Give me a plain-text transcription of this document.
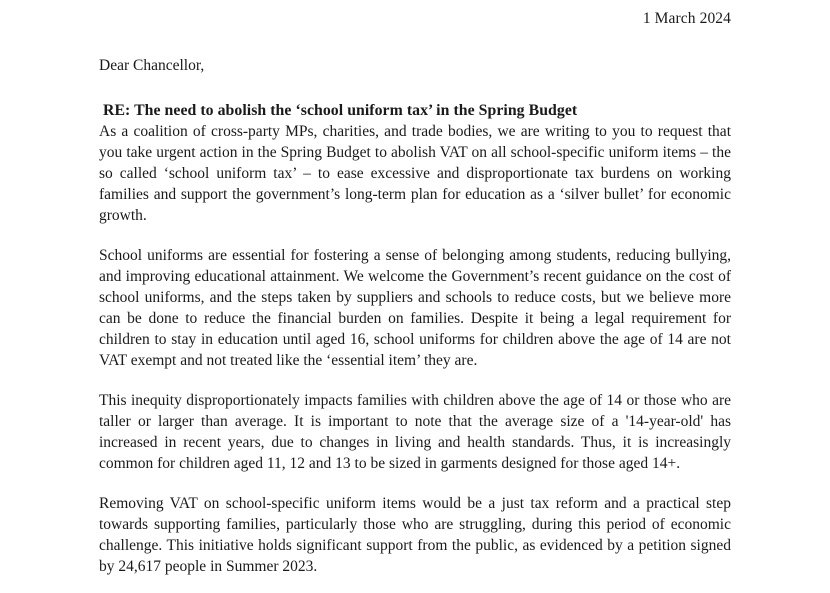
1 March 2024
Dear Chancellor,
RE: The need to abolish the ‘school uniform tax’ in the Spring Budget

As a coalition of cross-party MPs, charities, and trade bodies, we are writing to you to request that you take urgent action in the Spring Budget to abolish VAT on all school-specific uniform items – the so called ‘school uniform tax’ – to ease excessive and disproportionate tax burdens on working families and support the government’s long-term plan for education as a ‘silver bullet’ for economic growth.

School uniforms are essential for fostering a sense of belonging among students, reducing bullying, and improving educational attainment. We welcome the Government’s recent guidance on the cost of school uniforms, and the steps taken by suppliers and schools to reduce costs, but we believe more can be done to reduce the financial burden on families. Despite it being a legal requirement for children to stay in education until aged 16, school uniforms for children above the age of 14 are not VAT exempt and not treated like the ‘essential item’ they are.

This inequity disproportionately impacts families with children above the age of 14 or those who are taller or larger than average. It is important to note that the average size of a '14-year-old' has increased in recent years, due to changes in living and health standards. Thus, it is increasingly common for children aged 11, 12 and 13 to be sized in garments designed for those aged 14+.

Removing VAT on school-specific uniform items would be a just tax reform and a practical step towards supporting families, particularly those who are struggling, during this period of economic challenge. This initiative holds significant support from the public, as evidenced by a petition signed by 24,617 people in Summer 2023.
